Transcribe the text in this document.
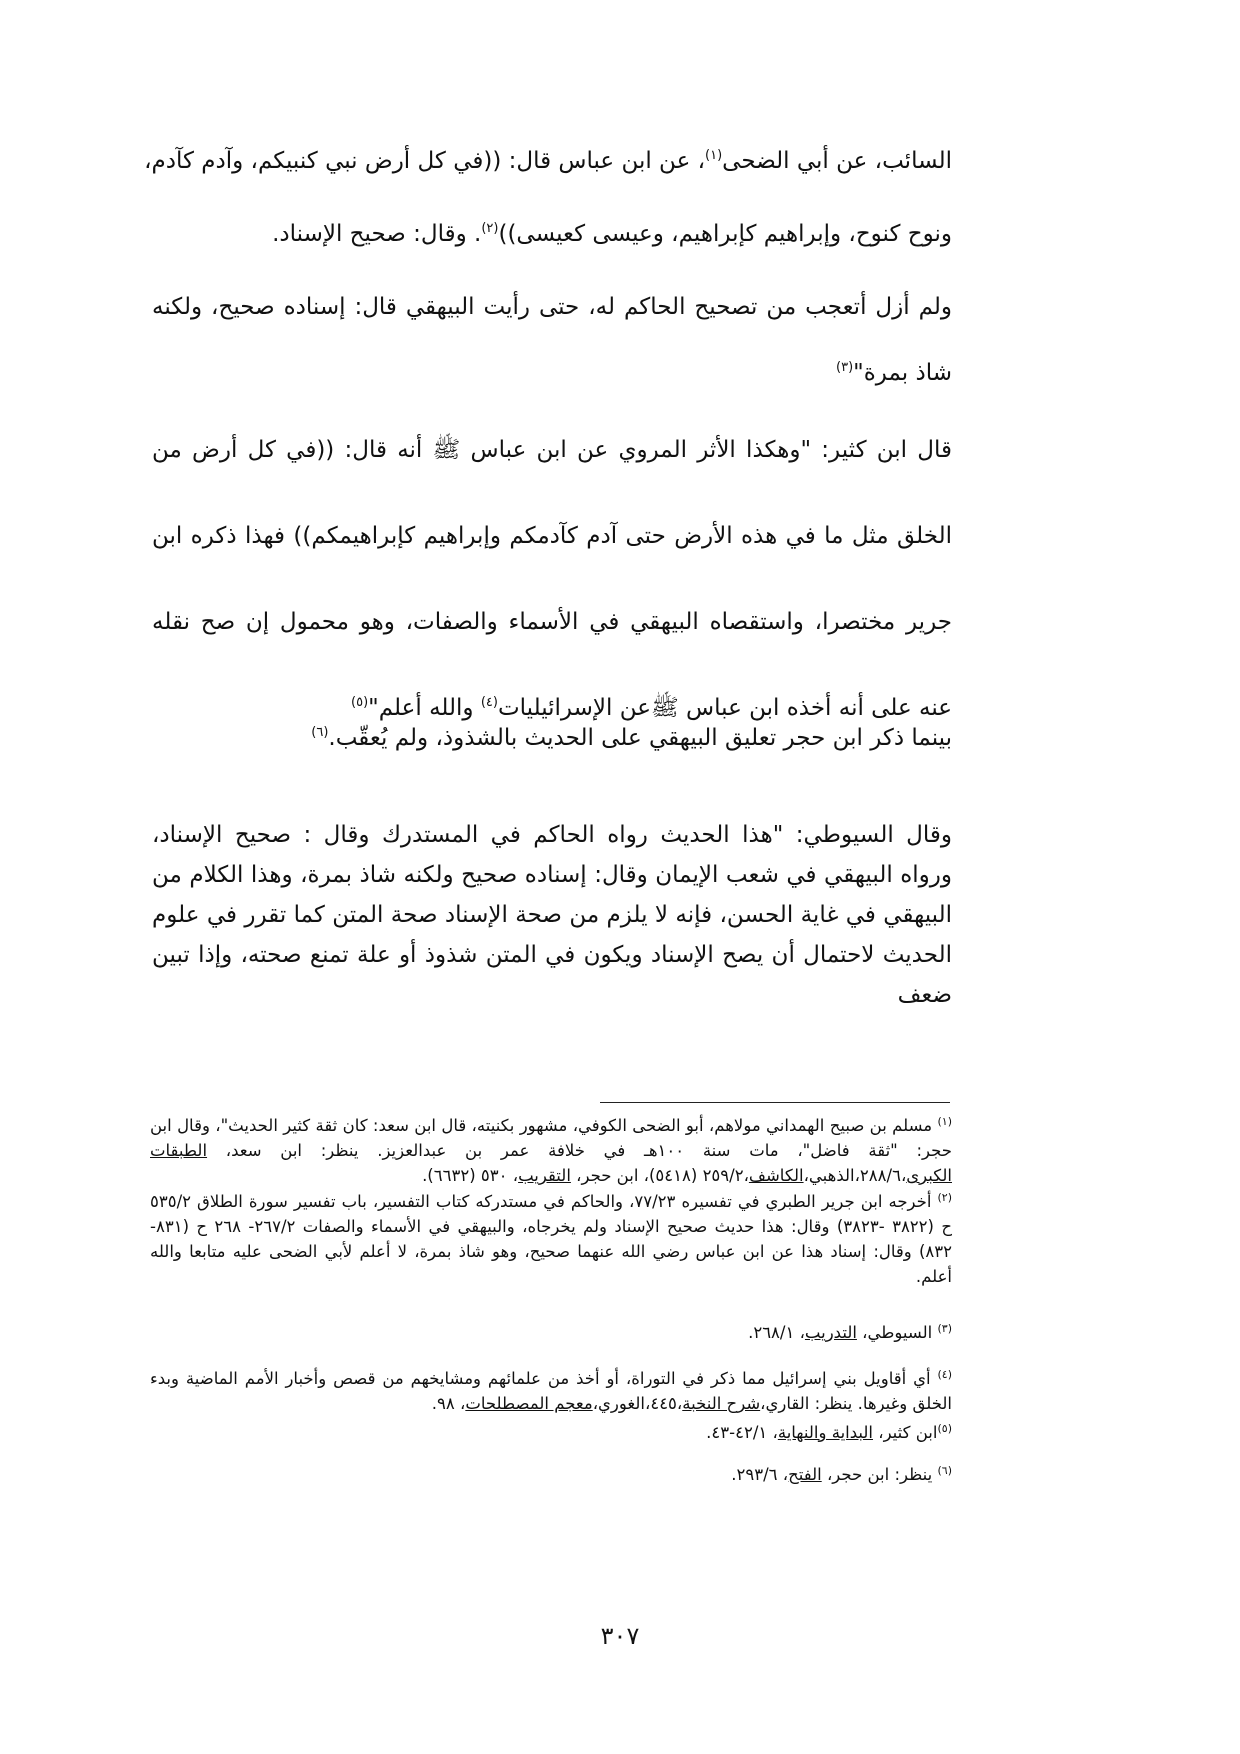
السائب، عن أبي الضحى$^{(١)}$، عن ابن عباس قال: ((في كل أرض نبي كنبيكم، وآدم كآدم،
ونوح كنوح، وإبراهيم كإبراهيم، وعيسى كعيسى))$^{(٢)}$. وقال: صحيح الإسناد.
ولم أزل أتعجب من تصحيح الحاكم له، حتى رأيت البيهقي قال: إسناده صحيح، ولكنه
شاذ بمرة"$^{(٣)}$
قال ابن كثير: "وهكذا الأثر المروي عن ابن عباس ﷺ أنه قال: ((في كل أرض من الخلق مثل ما في هذه الأرض حتى آدم كآدمكم وإبراهيم كإبراهيمكم)) فهذا ذكره ابن جرير مختصرا، واستقصاه البيهقي في الأسماء والصفات، وهو محمول إن صح نقله عنه على أنه أخذه ابن عباس ﷺعن الإسرائيليات$^{(٤)}$ والله أعلم"$^{(٥)}$
بينما ذكر ابن حجر تعليق البيهقي على الحديث بالشذوذ، ولم يُعقّب.$^{(٦)}$
وقال السيوطي: "هذا الحديث رواه الحاكم في المستدرك وقال : صحيح الإسناد، ورواه البيهقي في شعب الإيمان وقال: إسناده صحيح ولكنه شاذ بمرة، وهذا الكلام من البيهقي في غاية الحسن، فإنه لا يلزم من صحة الإسناد صحة المتن كما تقرر في علوم الحديث لاحتمال أن يصح الإسناد ويكون في المتن شذوذ أو علة تمنع صحته، وإذا تبين ضعف
$^{(١)}$ مسلم بن صبيح الهمداني مولاهم، أبو الضحى الكوفي، مشهور بكنيته، قال ابن سعد: كان ثقة كثير الحديث"، وقال ابن حجر: "ثقة فاضل"، مات سنة ١٠٠هـ في خلافة عمر بن عبدالعزيز. ينظر: ابن سعد، الطبقات الكبرى،٢٨٨/٦،الذهبي،الكاشف،٢٥٩/٢ (٥٤١٨)، ابن حجر، التقريب، ٥٣٠ (٦٦٣٢).
$^{(٢)}$ أخرجه ابن جرير الطبري في تفسيره ٧٧/٢٣، والحاكم في مستدركه كتاب التفسير، باب تفسير سورة الطلاق ٥٣٥/٢ ح (٣٨٢٢ -٣٨٢٣) وقال: هذا حديث صحيح الإسناد ولم يخرجاه، والبيهقي في الأسماء والصفات ٢٦٧/٢- ٢٦٨ ح (٨٣١- ٨٣٢) وقال: إسناد هذا عن ابن عباس رضي الله عنهما صحيح، وهو شاذ بمرة، لا أعلم لأبي الضحى عليه متابعا والله أعلم.
$^{(٣)}$ السيوطي، التدريب، ٢٦٨/١.
$^{(٤)}$ أي أقاويل بني إسرائيل مما ذكر في التوراة، أو أخذ من علمائهم ومشايخهم من قصص وأخبار الأمم الماضية وبدء الخلق وغيرها. ينظر: القاري،شرح النخبة،٤٤٥،الغوري،معجم المصطلحات، ٩٨.
$^{(٥)}$ابن كثير، البداية والنهاية، ٤٢/١-٤٣.
$^{(٦)}$ ينظر: ابن حجر، الفتح، ٢٩٣/٦.
٣٠٧
